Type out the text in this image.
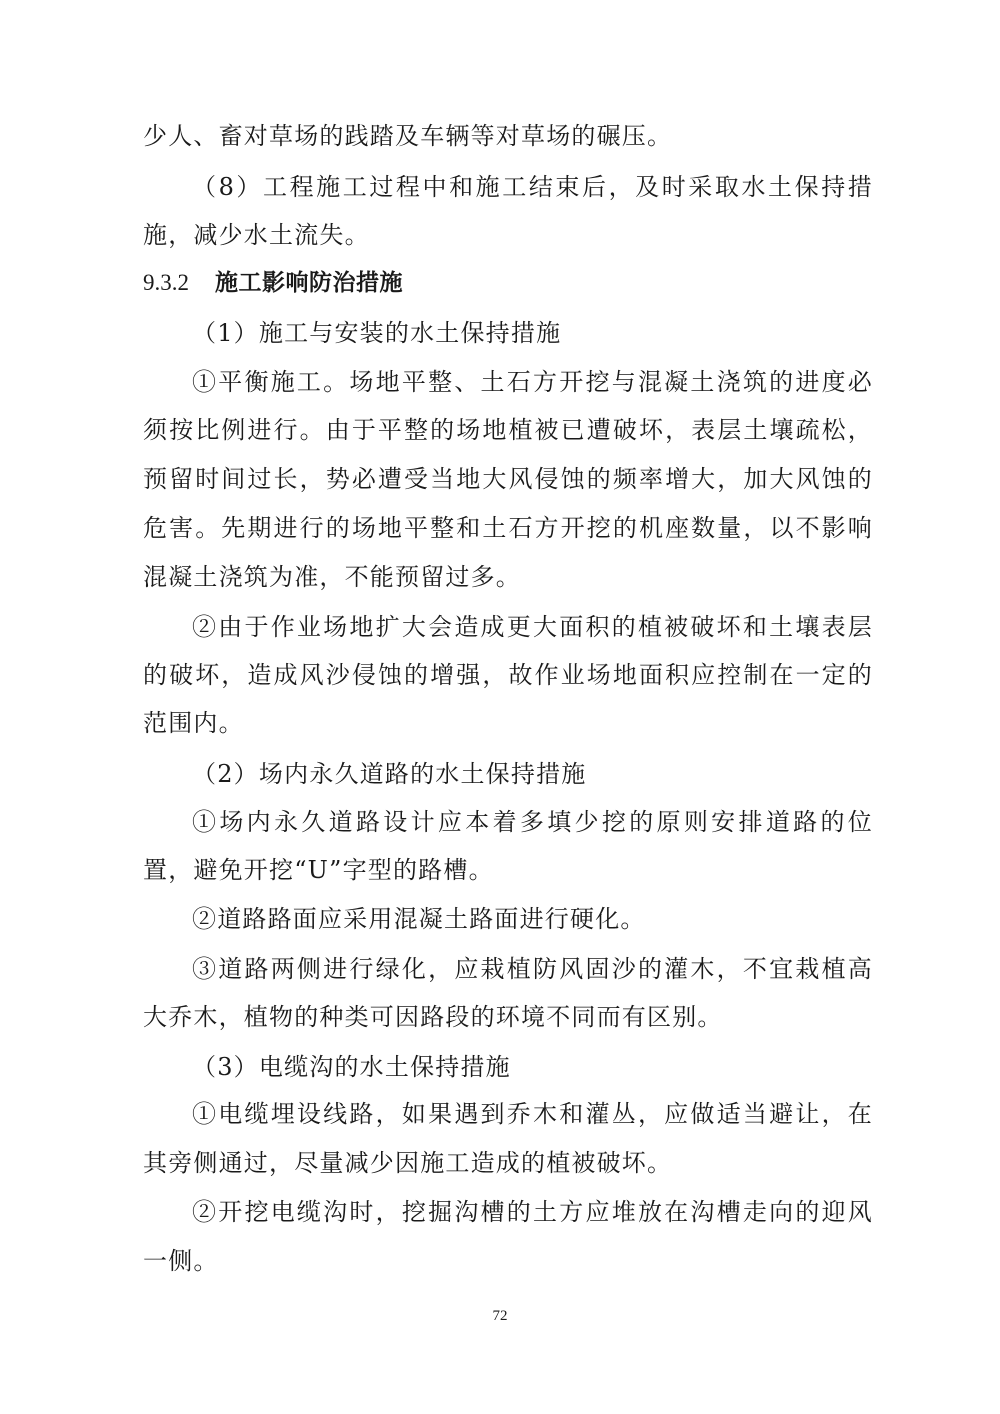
少人、畜对草场的践踏及车辆等对草场的碾压。
（8）工程施工过程中和施工结束后，及时采取水土保持措
施，减少水土流失。
9.3.2 施工影响防治措施
（1）施工与安装的水土保持措施
①平衡施工。场地平整、土石方开挖与混凝土浇筑的进度必
须按比例进行。由于平整的场地植被已遭破坏，表层土壤疏松，
预留时间过长，势必遭受当地大风侵蚀的频率增大，加大风蚀的
危害。先期进行的场地平整和土石方开挖的机座数量，以不影响
混凝土浇筑为准，不能预留过多。
②由于作业场地扩大会造成更大面积的植被破坏和土壤表层
的破坏，造成风沙侵蚀的增强，故作业场地面积应控制在一定的
范围内。
（2）场内永久道路的水土保持措施
①场内永久道路设计应本着多填少挖的原则安排道路的位
置，避免开挖“U”字型的路槽。
②道路路面应采用混凝土路面进行硬化。
③道路两侧进行绿化，应栽植防风固沙的灌木，不宜栽植高
大乔木，植物的种类可因路段的环境不同而有区别。
（3）电缆沟的水土保持措施
①电缆埋设线路，如果遇到乔木和灌丛，应做适当避让，在
其旁侧通过，尽量减少因施工造成的植被破坏。
②开挖电缆沟时，挖掘沟槽的土方应堆放在沟槽走向的迎风
一侧。
72
